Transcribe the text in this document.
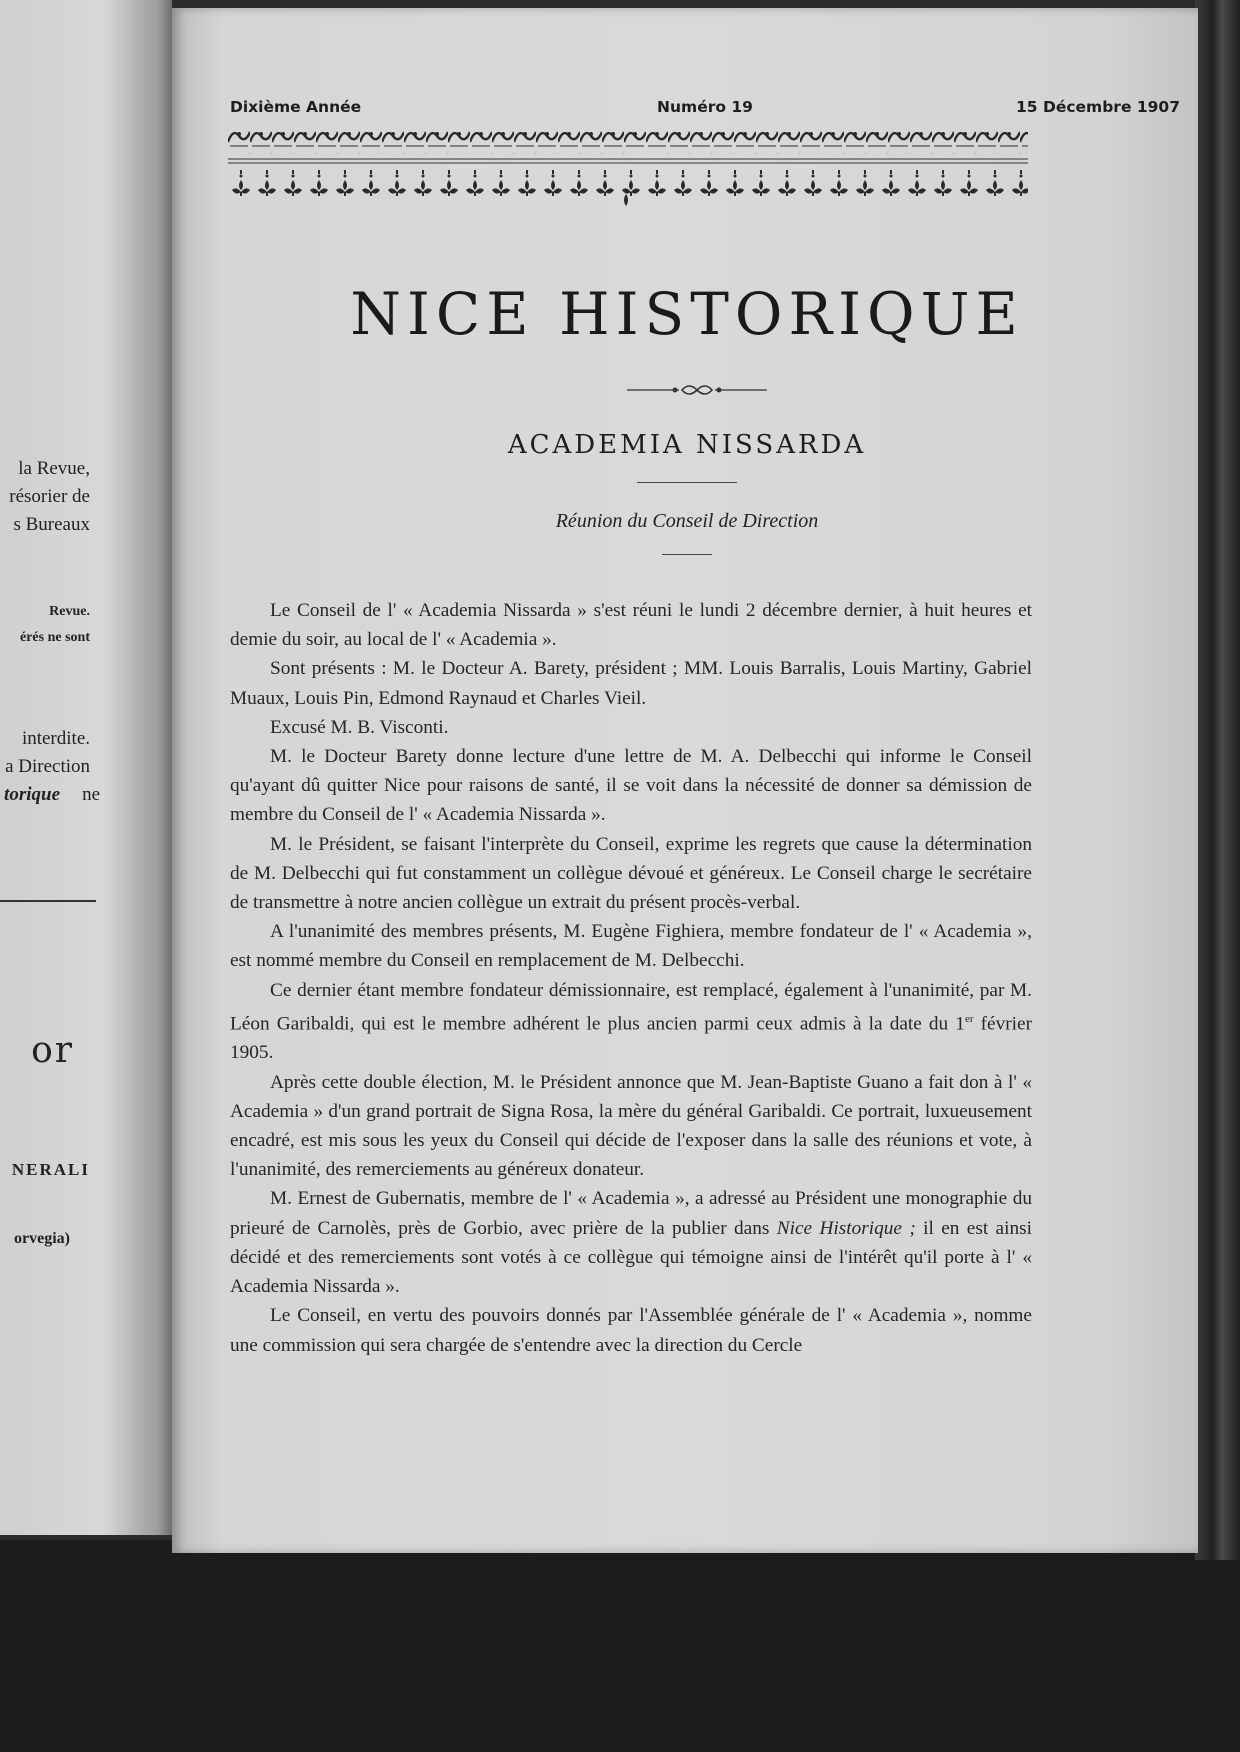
la Revue,
résorier de
s Bureaux
Revue.
érés ne sont
interdite.
a Direction
torique ne
or
NERALI
orvegia)
Dixième Année	Numéro 19	15 Décembre 1907
NICE HISTORIQUE
ACADEMIA NISSARDA
Réunion du Conseil de Direction

Le Conseil de l' « Academia Nissarda » s'est réuni le lundi 2 décembre dernier, à huit heures et demie du soir, au local de l' « Academia ».

Sont présents : M. le Docteur A. Barety, président ; MM. Louis Barralis, Louis Martiny, Gabriel Muaux, Louis Pin, Edmond Raynaud et Charles Vieil.

Excusé M. B. Visconti.

M. le Docteur Barety donne lecture d'une lettre de M. A. Delbecchi qui informe le Conseil qu'ayant dû quitter Nice pour raisons de santé, il se voit dans la nécessité de donner sa démission de membre du Conseil de l' « Academia Nissarda ».

M. le Président, se faisant l'interprète du Conseil, exprime les regrets que cause la détermination de M. Delbecchi qui fut constamment un collègue dévoué et généreux. Le Conseil charge le secrétaire de transmettre à notre ancien collègue un extrait du présent procès-verbal.

A l'unanimité des membres présents, M. Eugène Fighiera, membre fondateur de l' « Academia », est nommé membre du Conseil en remplacement de M. Delbecchi.

Ce dernier étant membre fondateur démissionnaire, est remplacé, également à l'unanimité, par M. Léon Garibaldi, qui est le membre adhérent le plus ancien parmi ceux admis à la date du 1er février 1905.

Après cette double élection, M. le Président annonce que M. Jean-Baptiste Guano a fait don à l' « Academia » d'un grand portrait de Signa Rosa, la mère du général Garibaldi. Ce portrait, luxueusement encadré, est mis sous les yeux du Conseil qui décide de l'exposer dans la salle des réunions et vote, à l'unanimité, des remerciements au généreux donateur.

M. Ernest de Gubernatis, membre de l' « Academia », a adressé au Président une monographie du prieuré de Carnolès, près de Gorbio, avec prière de la publier dans Nice Historique ; il en est ainsi décidé et des remerciements sont votés à ce collègue qui témoigne ainsi de l'intérêt qu'il porte à l' « Academia Nissarda ».

Le Conseil, en vertu des pouvoirs donnés par l'Assemblée générale de l' « Academia », nomme une commission qui sera chargée de s'entendre avec la direction du Cercle
